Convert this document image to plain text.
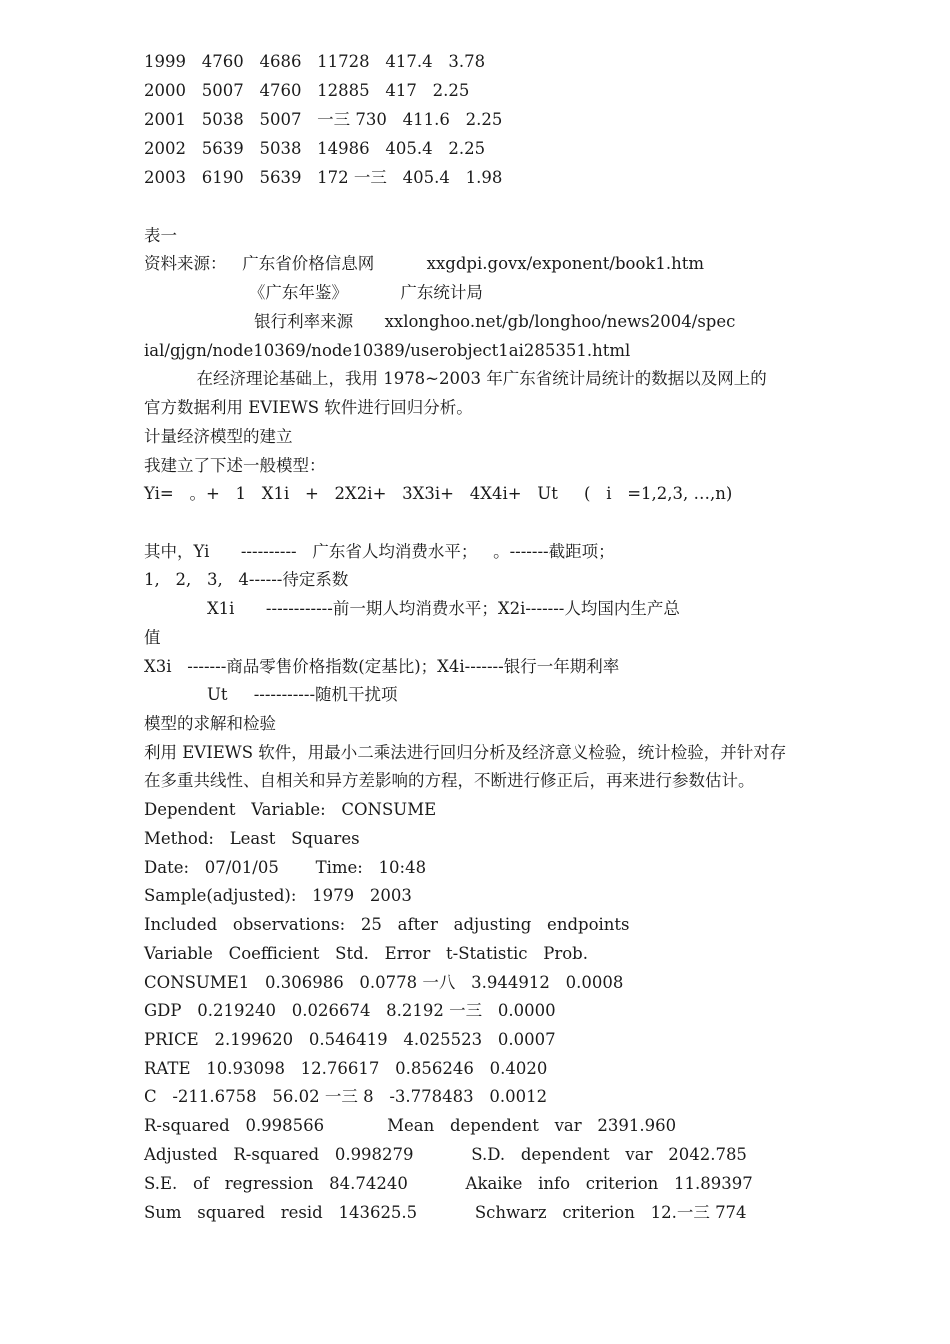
1999   4760   4686   11728   417.4   3.78

2000   5007   4760   12885   417   2.25

2001   5038   5007   一三 730   411.6   2.25

2002   5639   5038   14986   405.4   2.25

2003   6190   5639   172 一三   405.4   1.98

表一

资料来源：   广东省价格信息网          xxgdpi.govx/exponent/book1.htm

《广东年鉴》          广东统计局

银行利率来源      xxlonghoo.net/gb/longhoo/news2004/spec

ial/gjgn/node10369/node10389/userobject1ai285351.html

在经济理论基础上，我用 1978~2003 年广东省统计局统计的数据以及网上的

官方数据利用 EVIEWS 软件进行回归分析。

计量经济模型的建立

我建立了下述一般模型：

Yi=   。+   1   X1i   +   2X2i+   3X3i+   4X4i+   Ut     (   i   =1,2,3, …,n)

其中，Yi      ----------   广东省人均消费水平；   。-------截距项；

1,   2,   3,   4------待定系数

X1i      ------------前一期人均消费水平；X2i-------人均国内生产总

值

X3i   -------商品零售价格指数(定基比)；X4i-------银行一年期利率

Ut     -----------随机干扰项

模型的求解和检验

利用 EVIEWS 软件，用最小二乘法进行回归分析及经济意义检验，统计检验，并针对存

在多重共线性、自相关和异方差影响的方程，不断进行修正后，再来进行参数估计。

Dependent   Variable:   CONSUME

Method:   Least   Squares

Date:   07/01/05       Time:   10:48

Sample(adjusted):   1979   2003

Included   observations:   25   after   adjusting   endpoints

Variable   Coefficient   Std.   Error   t-Statistic   Prob.

CONSUME1   0.306986   0.0778 一八   3.944912   0.0008

GDP   0.219240   0.026674   8.2192 一三   0.0000

PRICE   2.199620   0.546419   4.025523   0.0007

RATE   10.93098   12.76617   0.856246   0.4020

C   -211.6758   56.02 一三 8   -3.778483   0.0012

R-squared   0.998566            Mean   dependent   var   2391.960

Adjusted   R-squared   0.998279           S.D.   dependent   var   2042.785

S.E.   of   regression   84.74240           Akaike   info   criterion   11.89397

Sum   squared   resid   143625.5           Schwarz   criterion   12.一三 774
